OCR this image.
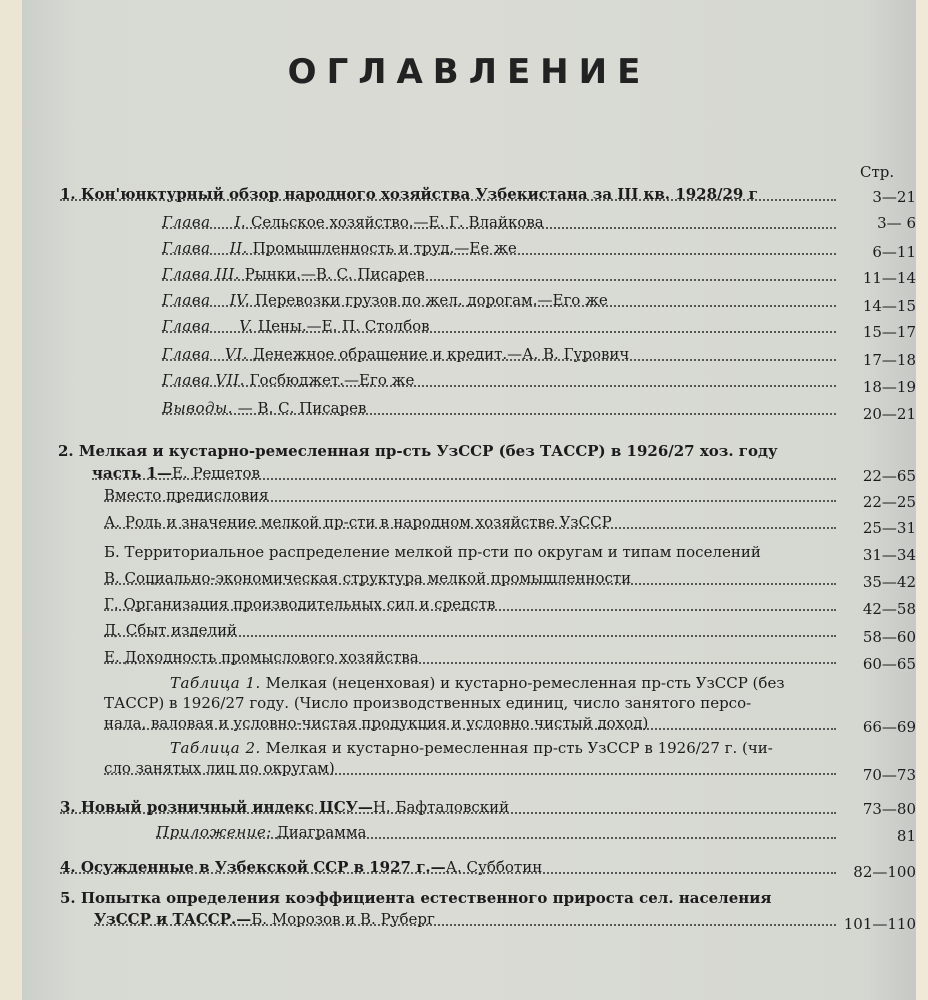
ОГЛАВЛЕНИЕ
Стр.
1. Кон'юнктурный обзор народного хозяйства Узбекистана за III кв. 1928/29 г	3—21
Глава I. Сельское хозяйство.—Е. Г. Влайкова	3— 6
Глава II. Промышленность и труд.—Ее же	6—11
Глава III. Рынки.—В. С. Писарев	11—14
Глава IV. Перевозки грузов по жел. дорогам.—Его же	14—15
Глава V. Цены.—Е. П. Столбов	15—17
Глава VI. Денежное обращение и кредит.—А. В. Гурович	17—18
Глава VII. Госбюджет.—Его же	18—19
Выводы. — В. С. Писарев	20—21
2. Мелкая и кустарно-ремесленная пр-сть УзССР (без ТАССР) в 1926/27 хоз. году
часть 1—Е. Решетов	22—65
Вместо предисловия	22—25
А. Роль и значение мелкой пр-сти в народном хозяйстве УзССР	25—31
Б. Территориальное распределение мелкой пр-сти по округам и типам поселений	31—34
В. Социально-экономическая структура мелкой промышленности	35—42
Г. Организация производительных сил и средств	42—58
Д. Сбыт изделий	58—60
Е. Доходность промыслового хозяйства	60—65
Таблица 1. Мелкая (неценховая) и кустарно-ремесленная пр-сть УзССР (без
ТАССР) в 1926/27 году. (Число производственных единиц, число занятого персо-
нала, валовая и условно-чистая продукция и условно чистый доход)	66—69
Таблица 2. Мелкая и кустарно-ремесленная пр-сть УзССР в 1926/27 г. (чи-
сло занятых лиц по округам)	70—73
3. Новый розничный индекс ЦСУ—Н. Бафталовский	73—80
Приложение: Диаграмма	81
4. Осужденные в Узбекской ССР в 1927 г.—А. Субботин	82—100
5. Попытка определения коэффициента естественного прироста сел. населения
УзССР и ТАССР.—Б. Морозов и В. Руберг	101—110
